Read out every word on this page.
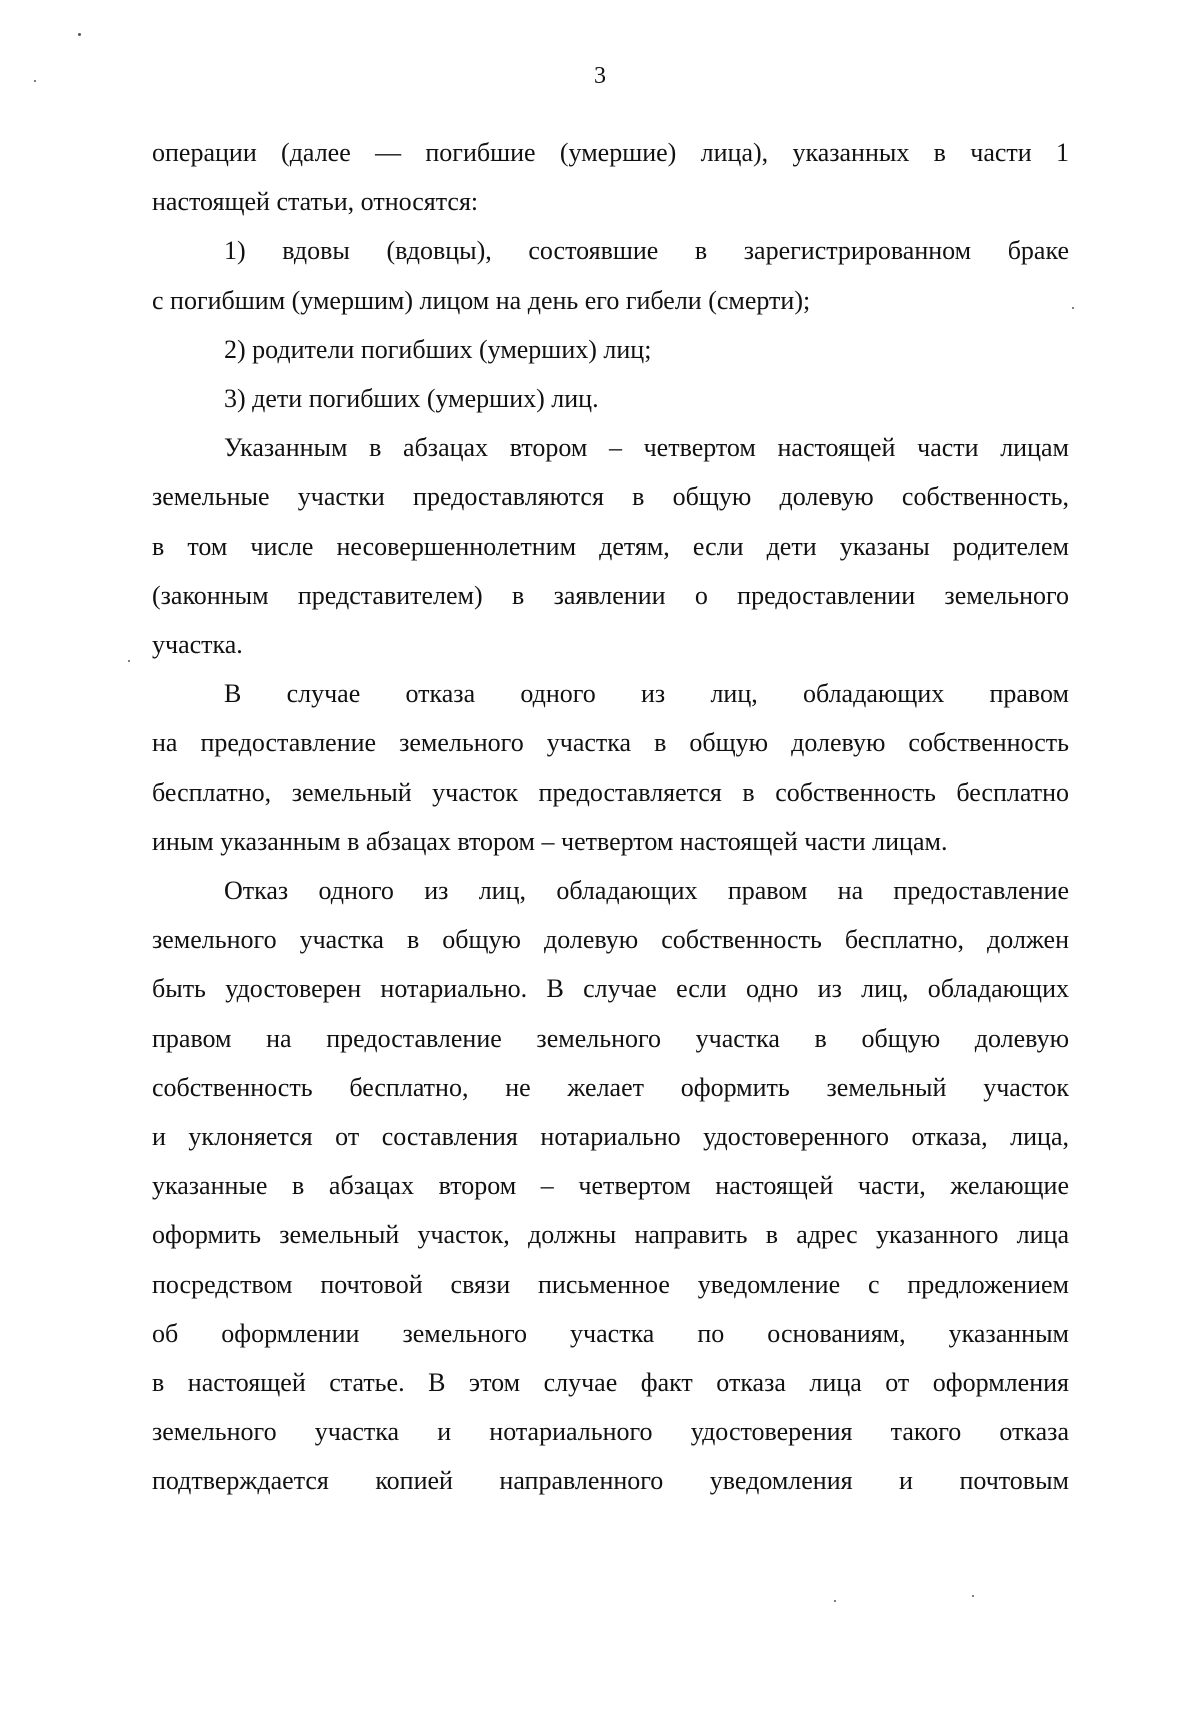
3

операции (далее — погибшие (умершие) лица), указанных в части 1
настоящей статьи, относятся:

1) вдовы (вдовцы), состоявшие в зарегистрированном браке
с погибшим (умершим) лицом на день его гибели (смерти);

2) родители погибших (умерших) лиц;

3) дети погибших (умерших) лиц.

Указанным в абзацах втором – четвертом настоящей части лицам
земельные участки предоставляются в общую долевую собственность,
в том числе несовершеннолетним детям, если дети указаны родителем
(законным представителем) в заявлении о предоставлении земельного
участка.

В случае отказа одного из лиц, обладающих правом
на предоставление земельного участка в общую долевую собственность
бесплатно, земельный участок предоставляется в собственность бесплатно
иным указанным в абзацах втором – четвертом настоящей части лицам.

Отказ одного из лиц, обладающих правом на предоставление
земельного участка в общую долевую собственность бесплатно, должен
быть удостоверен нотариально. В случае если одно из лиц, обладающих
правом на предоставление земельного участка в общую долевую
собственность бесплатно, не желает оформить земельный участок
и уклоняется от составления нотариально удостоверенного отказа, лица,
указанные в абзацах втором – четвертом настоящей части, желающие
оформить земельный участок, должны направить в адрес указанного лица
посредством почтовой связи письменное уведомление с предложением
об оформлении земельного участка по основаниям, указанным
в настоящей статье. В этом случае факт отказа лица от оформления
земельного участка и нотариального удостоверения такого отказа
подтверждается копией направленного уведомления и почтовым
